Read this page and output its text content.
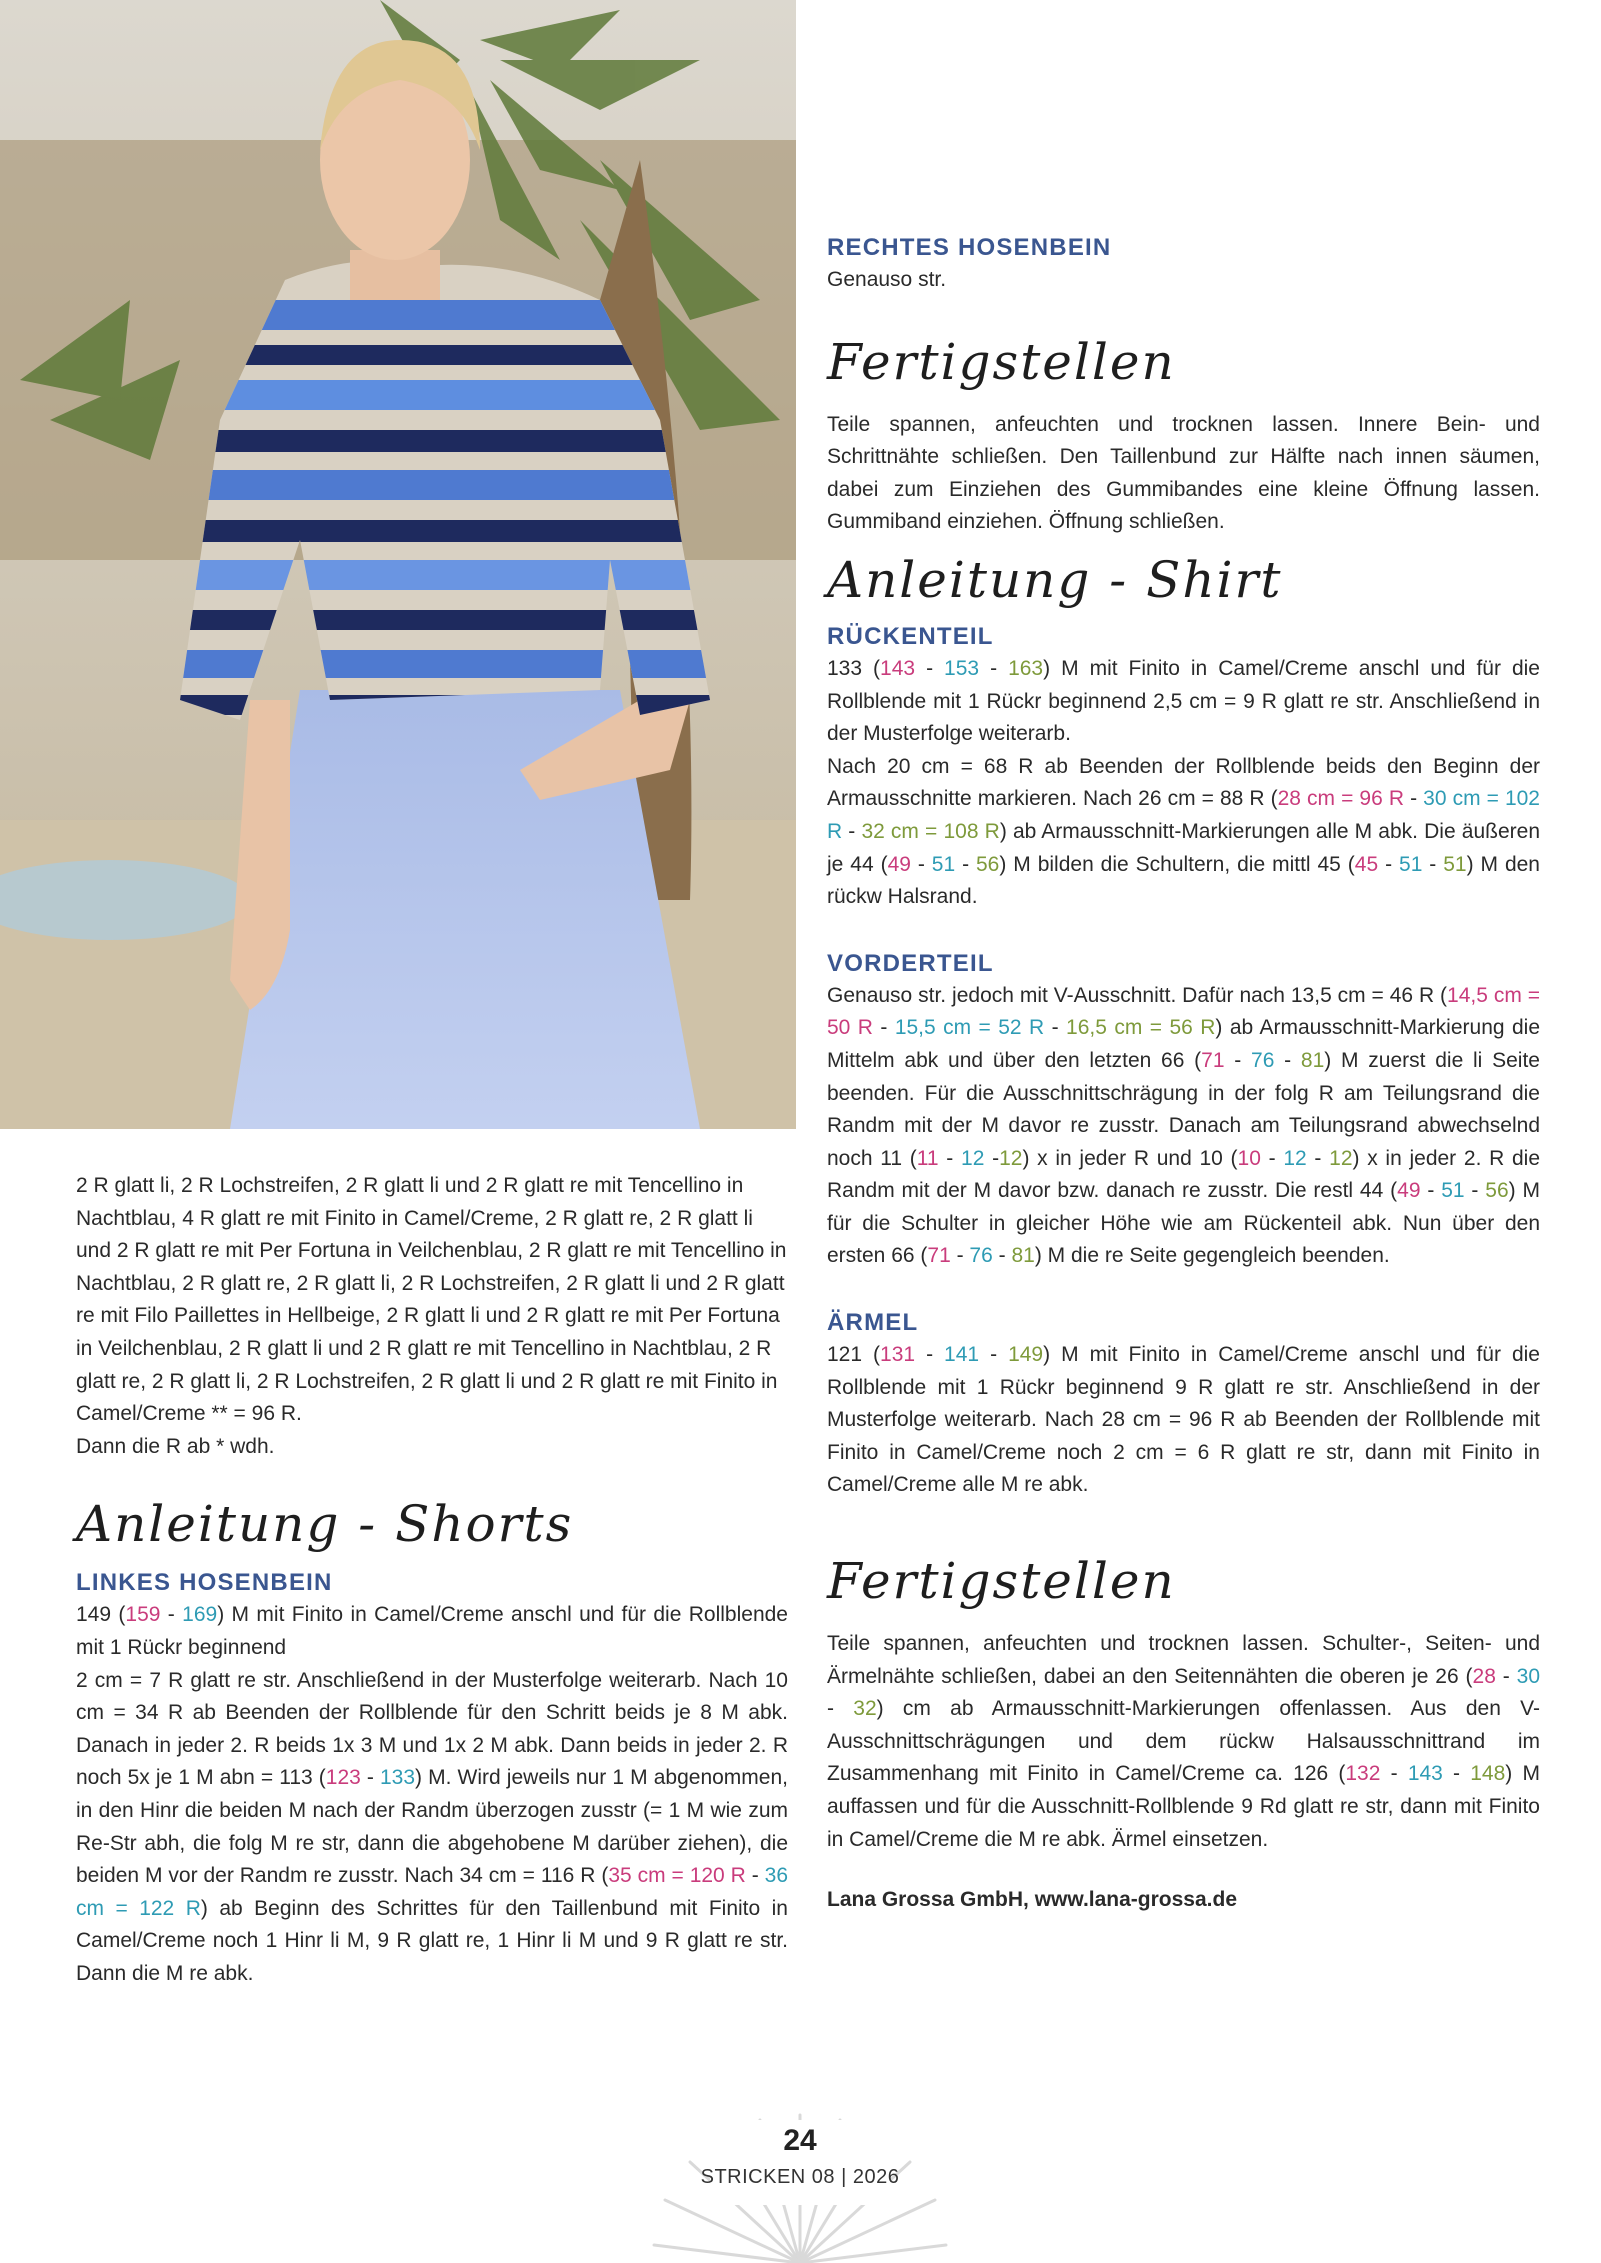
RECHTES HOSENBEIN

Genauso str.

Fertigstellen

Teile spannen, anfeuchten und trocknen lassen. Innere Bein- und Schrittnähte schließen. Den Taillenbund zur Hälfte nach innen säumen, dabei zum Einziehen des Gummibandes eine kleine Öffnung lassen. Gummiband einziehen. Öffnung schließen.

Anleitung - Shirt

RÜCKENTEIL

133 (143 - 153 - 163) M mit Finito in Camel/Creme anschl und für die Rollblende mit 1 Rückr beginnend 2,5 cm = 9 R glatt re str. Anschließend in der Musterfolge weiterarb.
Nach 20 cm = 68 R ab Beenden der Rollblende beids den Beginn der Armausschnitte markieren. Nach 26 cm = 88 R (28 cm = 96 R - 30 cm = 102 R - 32 cm = 108 R) ab Armausschnitt-Markierungen alle M abk. Die äußeren je 44 (49 - 51 - 56) M bilden die Schultern, die mittl 45 (45 - 51 - 51) M den rückw Halsrand.

VORDERTEIL

Genauso str. jedoch mit V-Ausschnitt. Dafür nach 13,5 cm = 46 R (14,5 cm = 50 R - 15,5 cm = 52 R - 16,5 cm = 56 R) ab Armausschnitt-Markierung die Mittelm abk und über den letzten 66 (71 - 76 - 81) M zuerst die li Seite beenden. Für die Ausschnittschrägung in der folg R am Teilungsrand die Randm mit der M davor re zusstr. Danach am Teilungsrand abwechselnd noch 11 (11 - 12 -12) x in jeder R und 10 (10 - 12 - 12) x in jeder 2. R die Randm mit der M davor bzw. danach re zusstr. Die restl 44 (49 - 51 - 56) M für die Schulter in gleicher Höhe wie am Rückenteil abk. Nun über den ersten 66 (71 - 76 - 81) M die re Seite gegengleich beenden.

ÄRMEL

121 (131 - 141 - 149) M mit Finito in Camel/Creme anschl und für die Rollblende mit 1 Rückr beginnend 9 R glatt re str. Anschließend in der Musterfolge weiterarb. Nach 28 cm = 96 R ab Beenden der Rollblende mit Finito in Camel/Creme noch 2 cm = 6 R glatt re str, dann mit Finito in Camel/Creme alle M re abk.

Fertigstellen

Teile spannen, anfeuchten und trocknen lassen. Schulter-, Seiten- und Ärmelnähte schließen, dabei an den Seitennähten die oberen je 26 (28 - 30 - 32) cm ab Armausschnitt-Markierungen offenlassen. Aus den V-Ausschnittschrägungen und dem rückw Halsausschnittrand im Zusammenhang mit Finito in Camel/Creme ca. 126 (132 - 143 - 148) M auffassen und für die Ausschnitt-Rollblende 9 Rd glatt re str, dann mit Finito in Camel/Creme die M re abk. Ärmel einsetzen.

Lana Grossa GmbH, www.lana-grossa.de

2 R glatt li, 2 R Lochstreifen, 2 R glatt li und 2 R glatt re mit Tencellino in Nachtblau, 4 R glatt re mit Finito in Camel/Creme, 2 R glatt re, 2 R glatt li und 2 R glatt re mit Per Fortuna in Veilchenblau, 2 R glatt re mit Tencellino in Nachtblau, 2 R glatt re, 2 R glatt li, 2 R Lochstreifen, 2 R glatt li und 2 R glatt re mit Filo Paillettes in Hellbeige, 2 R glatt li und 2 R glatt re mit Per Fortuna in Veilchenblau, 2 R glatt li und 2 R glatt re mit Tencellino in Nachtblau, 2 R glatt re, 2 R glatt li, 2 R Lochstreifen, 2 R glatt li und 2 R glatt re mit Finito in Camel/Creme ** = 96 R.

Dann die R ab * wdh.

Anleitung - Shorts

LINKES HOSENBEIN

149 (159 - 169) M mit Finito in Camel/Creme anschl und für die Rollblende mit 1 Rückr beginnend
2 cm = 7 R glatt re str. Anschließend in der Musterfolge weiterarb. Nach 10 cm = 34 R ab Beenden der Rollblende für den Schritt beids je 8 M abk. Danach in jeder 2. R beids 1x 3 M und 1x 2 M abk. Dann beids in jeder 2. R noch 5x je 1 M abn = 113 (123 - 133) M. Wird jeweils nur 1 M abgenommen, in den Hinr die beiden M nach der Randm überzogen zusstr (= 1 M wie zum Re-Str abh, die folg M re str, dann die abgehobene M darüber ziehen), die beiden M vor der Randm re zusstr. Nach 34 cm = 116 R (35 cm = 120 R - 36 cm = 122 R) ab Beginn des Schrittes für den Taillenbund mit Finito in Camel/Creme noch 1 Hinr li M, 9 R glatt re, 1 Hinr li M und 9 R glatt re str. Dann die M re abk.

24
STRICKEN 08 | 2026
